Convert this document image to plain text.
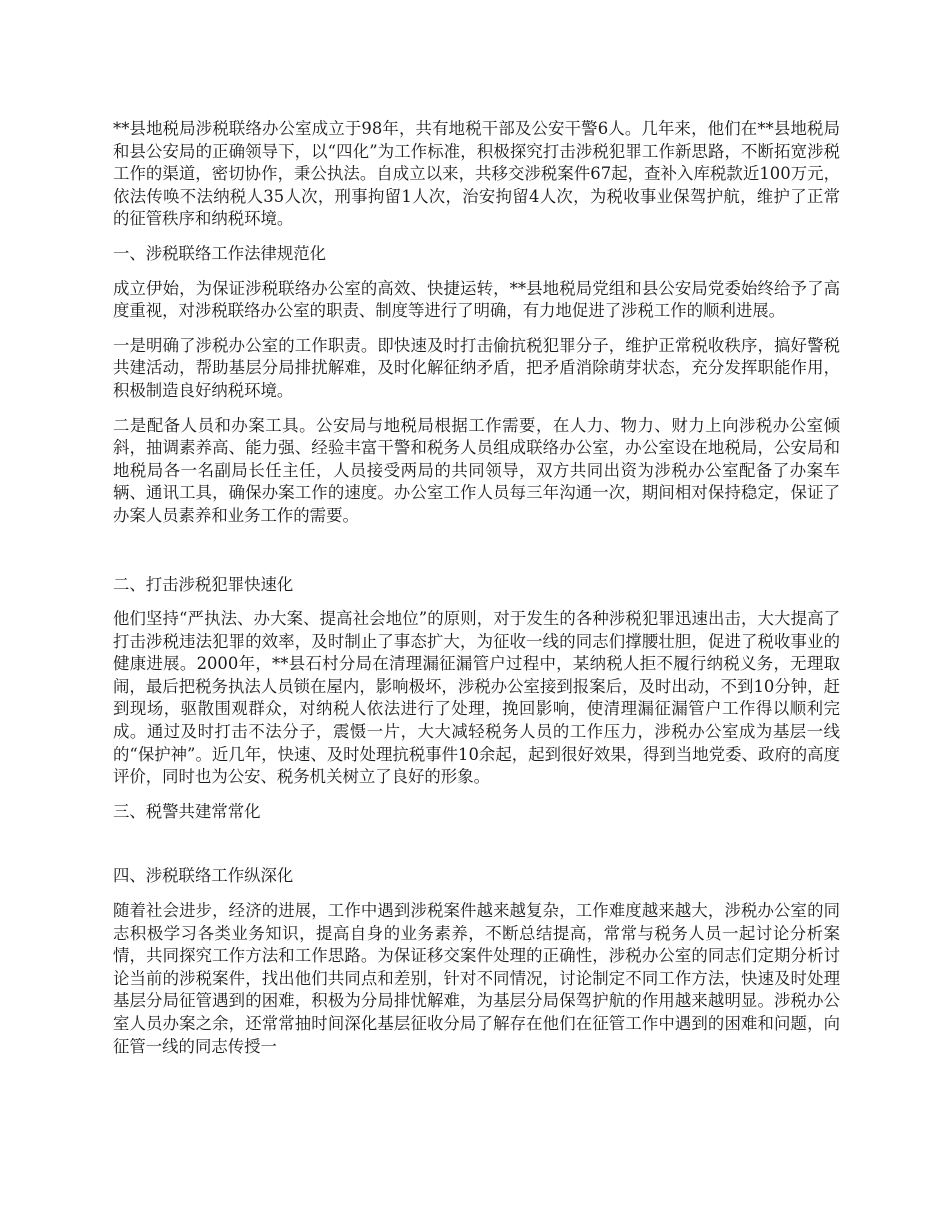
**县地税局涉税联络办公室成立于98年，共有地税干部及公安干警6人。几年来，他们在**县地税局和县公安局的正确领导下，以“四化”为工作标准，积极探究打击涉税犯罪工作新思路，不断拓宽涉税工作的渠道，密切协作，秉公执法。自成立以来，共移交涉税案件67起，查补入库税款近100万元，依法传唤不法纳税人35人次，刑事拘留1人次，治安拘留4人次，为税收事业保驾护航，维护了正常的征管秩序和纳税环境。

一、涉税联络工作法律规范化

成立伊始，为保证涉税联络办公室的高效、快捷运转，**县地税局党组和县公安局党委始终给予了高度重视，对涉税联络办公室的职责、制度等进行了明确，有力地促进了涉税工作的顺利进展。

一是明确了涉税办公室的工作职责。即快速及时打击偷抗税犯罪分子，维护正常税收秩序，搞好警税共建活动，帮助基层分局排扰解难，及时化解征纳矛盾，把矛盾消除萌芽状态，充分发挥职能作用，积极制造良好纳税环境。

二是配备人员和办案工具。公安局与地税局根据工作需要，在人力、物力、财力上向涉税办公室倾斜，抽调素养高、能力强、经验丰富干警和税务人员组成联络办公室，办公室设在地税局，公安局和地税局各一名副局长任主任，人员接受两局的共同领导，双方共同出资为涉税办公室配备了办案车辆、通讯工具，确保办案工作的速度。办公室工作人员每三年沟通一次，期间相对保持稳定，保证了办案人员素养和业务工作的需要。

二、打击涉税犯罪快速化

他们坚持“严执法、办大案、提高社会地位”的原则，对于发生的各种涉税犯罪迅速出击，大大提高了打击涉税违法犯罪的效率，及时制止了事态扩大，为征收一线的同志们撑腰壮胆，促进了税收事业的健康进展。2000年，**县石村分局在清理漏征漏管户过程中，某纳税人拒不履行纳税义务，无理取闹，最后把税务执法人员锁在屋内，影响极坏，涉税办公室接到报案后，及时出动，不到10分钟，赶到现场，驱散围观群众，对纳税人依法进行了处理，挽回影响，使清理漏征漏管户工作得以顺利完成。通过及时打击不法分子，震慑一片，大大减轻税务人员的工作压力，涉税办公室成为基层一线的“保护神”。近几年，快速、及时处理抗税事件10余起，起到很好效果，得到当地党委、政府的高度评价，同时也为公安、税务机关树立了良好的形象。

三、税警共建常常化

四、涉税联络工作纵深化

随着社会进步，经济的进展，工作中遇到涉税案件越来越复杂，工作难度越来越大，涉税办公室的同志积极学习各类业务知识，提高自身的业务素养，不断总结提高，常常与税务人员一起讨论分析案情，共同探究工作方法和工作思路。为保证移交案件处理的正确性，涉税办公室的同志们定期分析讨论当前的涉税案件，找出他们共同点和差别，针对不同情况，讨论制定不同工作方法，快速及时处理基层分局征管遇到的困难，积极为分局排忧解难，为基层分局保驾护航的作用越来越明显。涉税办公室人员办案之余，还常常抽时间深化基层征收分局了解存在他们在征管工作中遇到的困难和问题，向征管一线的同志传授一
